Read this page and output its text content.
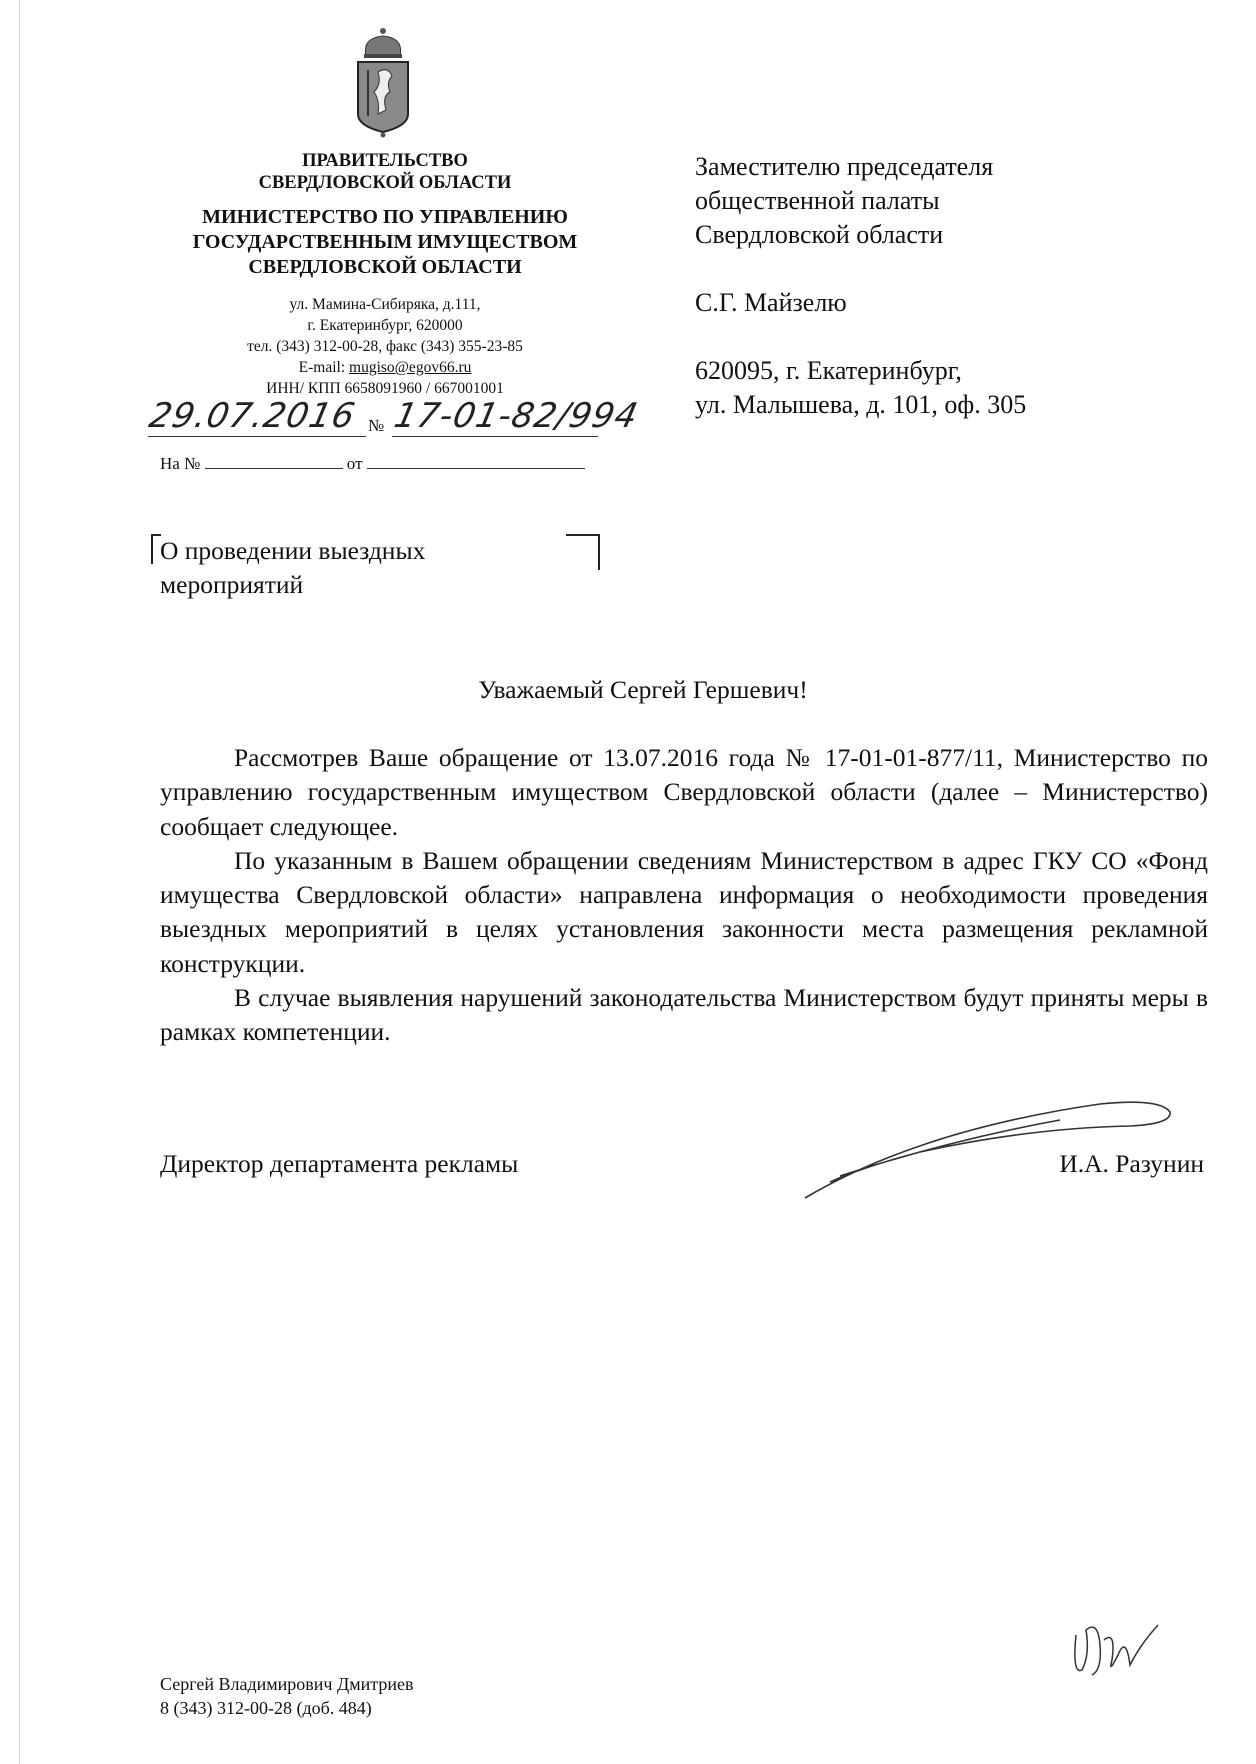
ПРАВИТЕЛЬСТВО
СВЕРДЛОВСКОЙ ОБЛАСТИ
МИНИСТЕРСТВО ПО УПРАВЛЕНИЮ
ГОСУДАРСТВЕННЫМ ИМУЩЕСТВОМ
СВЕРДЛОВСКОЙ ОБЛАСТИ
ул. Мамина-Сибиряка, д.111,
г. Екатеринбург, 620000
тел. (343) 312-00-28, факс (343) 355-23-85
E-mail: mugiso@egov66.ru
ИНН/ КПП 6658091960 / 667001001
29.07.2016 № 17-01-82/994
На №	от
Заместителю председателя
общественной палаты
Свердловской области
С.Г. Майзелю
620095, г. Екатеринбург,
ул. Малышева, д. 101, оф. 305
О проведении выездных
мероприятий
Уважаемый Сергей Гершевич!

Рассмотрев Ваше обращение от 13.07.2016 года № 17-01-01-877/11, Министерство по управлению государственным имуществом Свердловской области (далее – Министерство) сообщает следующее.

По указанным в Вашем обращении сведениям Министерством в адрес ГКУ СО «Фонд имущества Свердловской области» направлена информация о необходимости проведения выездных мероприятий в целях установления законности места размещения рекламной конструкции.

В случае выявления нарушений законодательства Министерством будут приняты меры в рамках компетенции.

Директор департамента рекламы	И.А. Разунин
Сергей Владимирович Дмитриев
8 (343) 312-00-28 (доб. 484)
